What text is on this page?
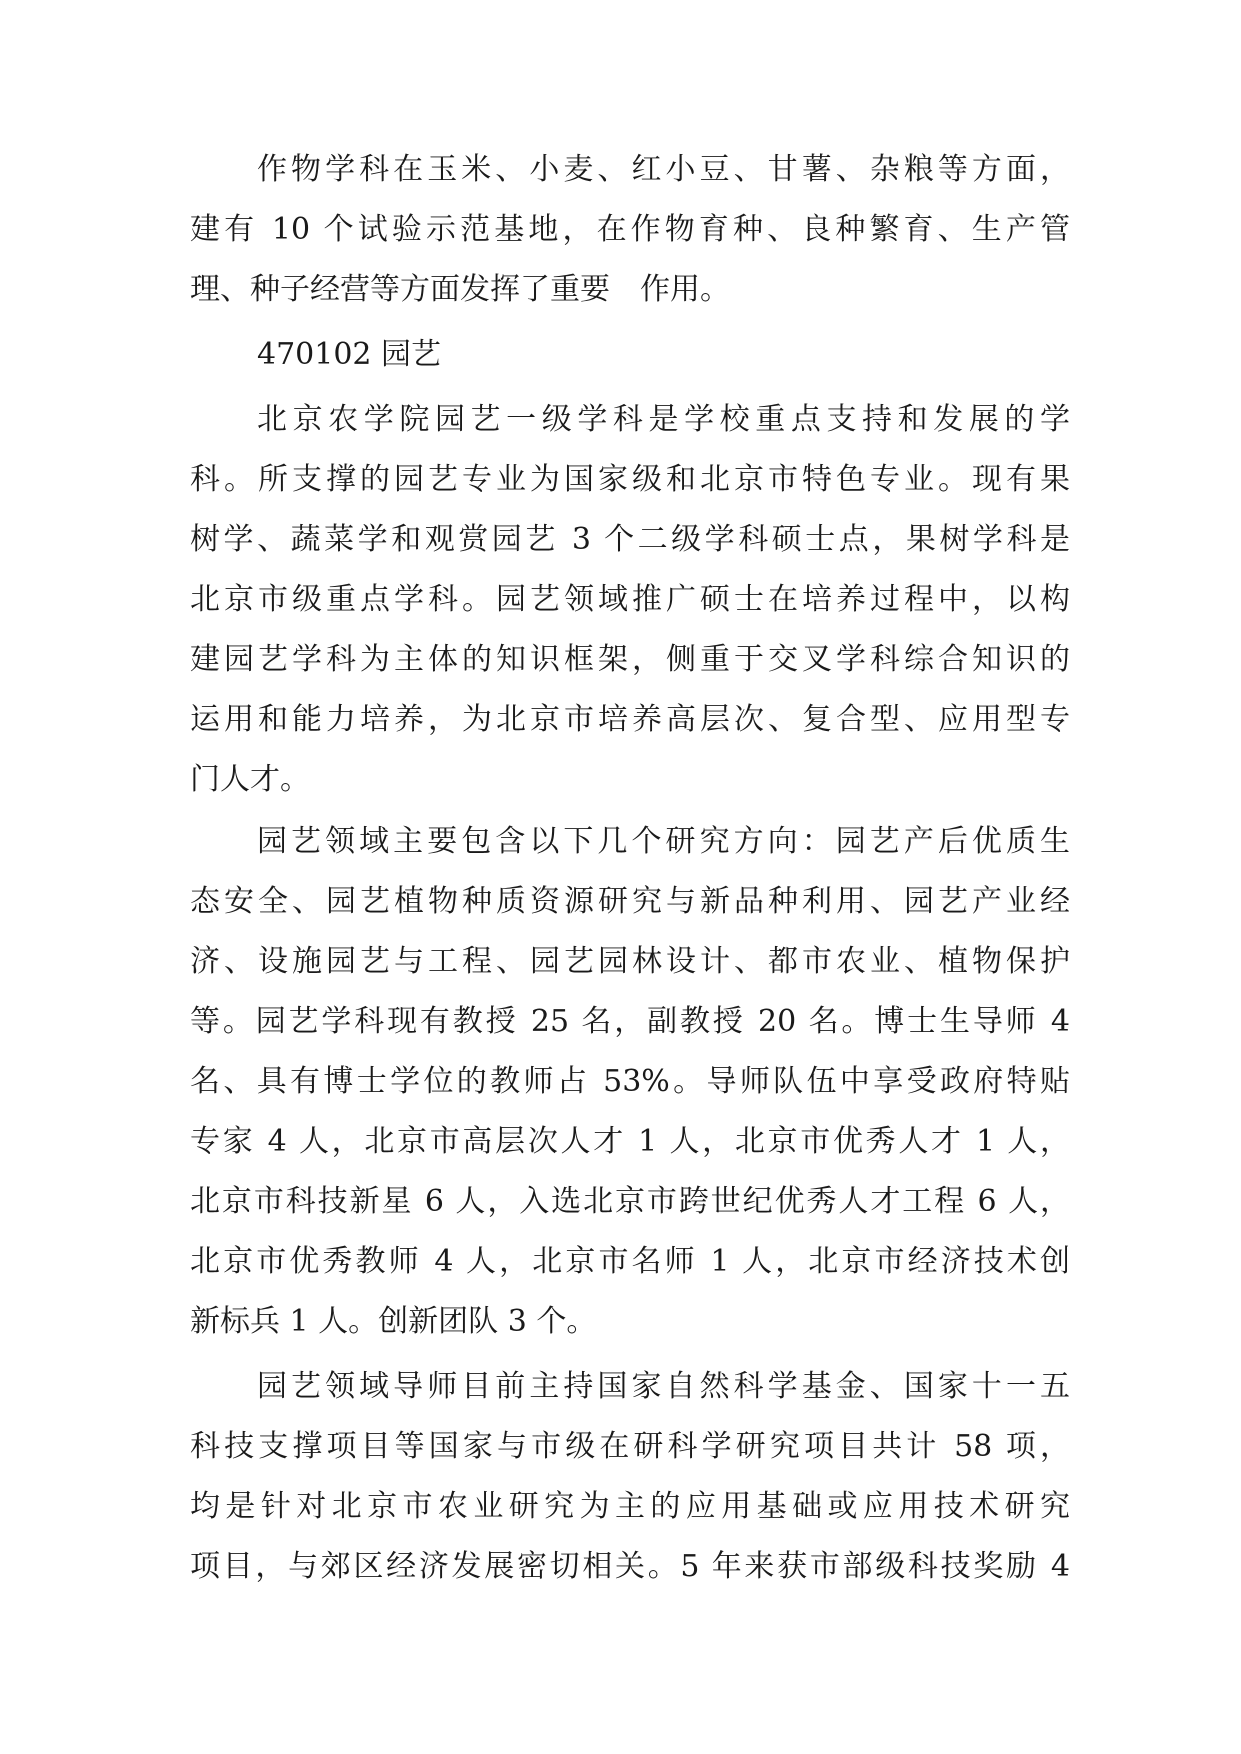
作物学科在玉米、小麦、红小豆、甘薯、杂粮等方面，
建有 10 个试验示范基地，在作物育种、良种繁育、生产管
理、种子经营等方面发挥了重要　作用。
470102 园艺
北京农学院园艺一级学科是学校重点支持和发展的学
科。所支撑的园艺专业为国家级和北京市特色专业。现有果
树学、蔬菜学和观赏园艺 3 个二级学科硕士点，果树学科是
北京市级重点学科。园艺领域推广硕士在培养过程中，以构
建园艺学科为主体的知识框架，侧重于交叉学科综合知识的
运用和能力培养，为北京市培养高层次、复合型、应用型专
门人才。
园艺领域主要包含以下几个研究方向：园艺产后优质生
态安全、园艺植物种质资源研究与新品种利用、园艺产业经
济、设施园艺与工程、园艺园林设计、都市农业、植物保护
等。园艺学科现有教授 25 名，副教授 20 名。博士生导师 4
名、具有博士学位的教师占 53%。导师队伍中享受政府特贴
专家 4 人，北京市高层次人才 1 人，北京市优秀人才 1 人，
北京市科技新星 6 人，入选北京市跨世纪优秀人才工程 6 人，
北京市优秀教师 4 人，北京市名师 1 人，北京市经济技术创
新标兵 1 人。创新团队 3 个。
园艺领域导师目前主持国家自然科学基金、国家十一五
科技支撑项目等国家与市级在研科学研究项目共计 58 项，
均是针对北京市农业研究为主的应用基础或应用技术研究
项目，与郊区经济发展密切相关。5 年来获市部级科技奖励 4
